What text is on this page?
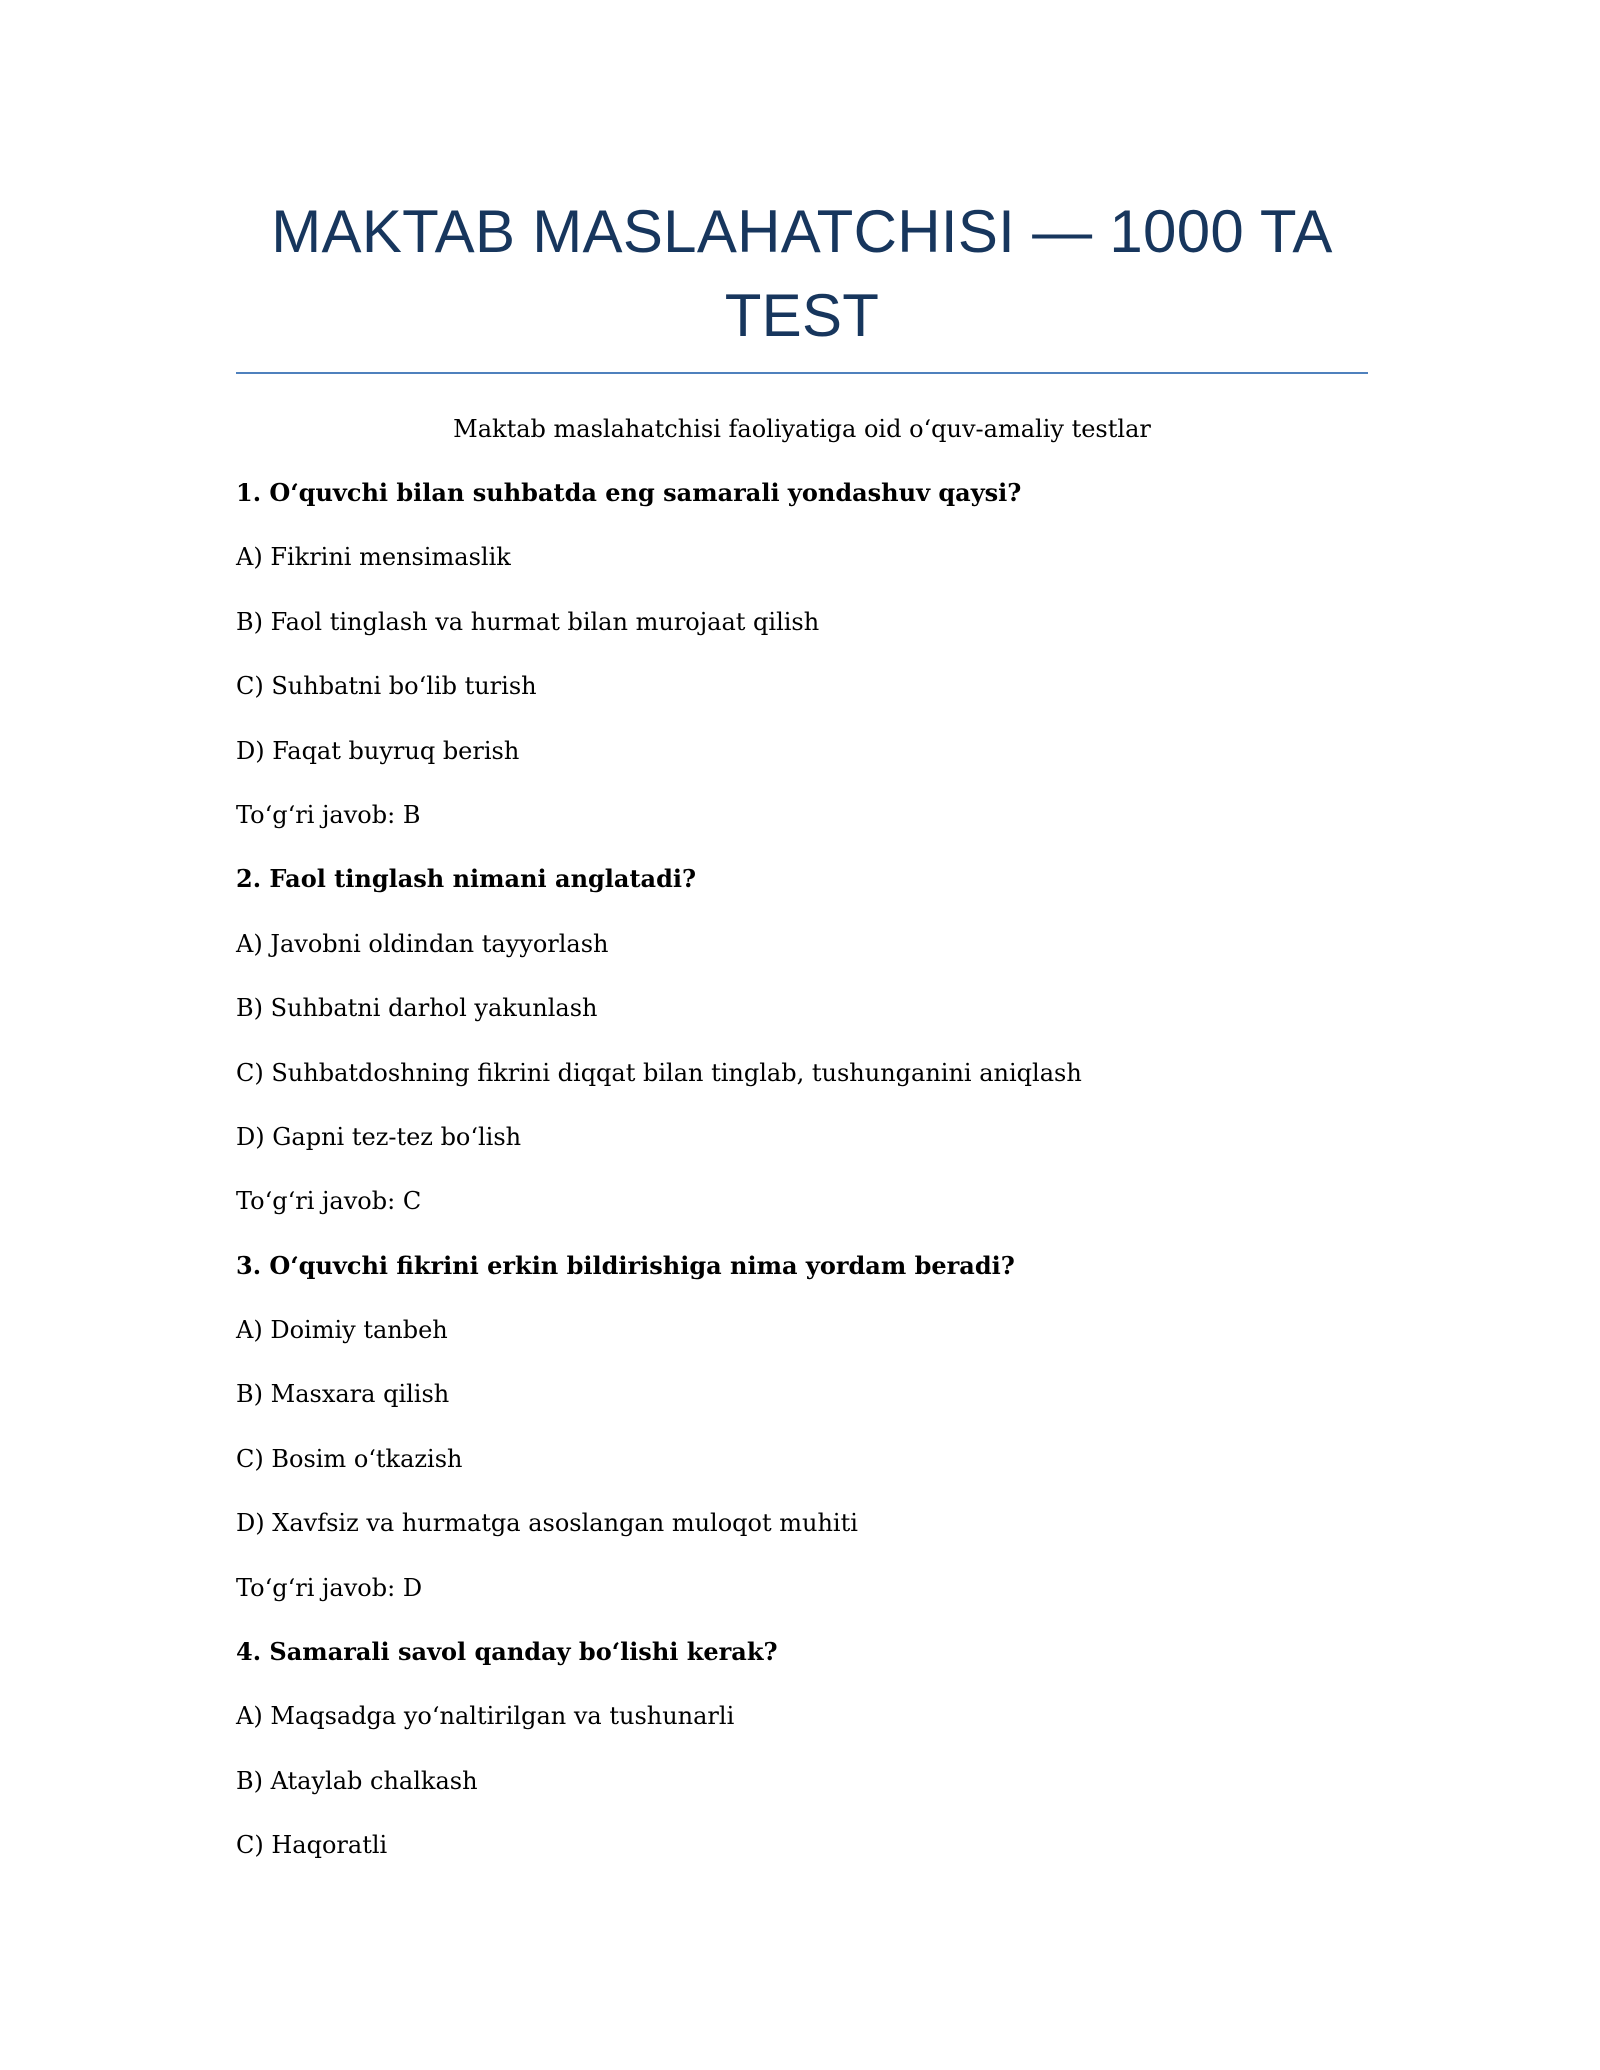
MAKTAB MASLAHATCHISI — 1000 TA TEST
Maktab maslahatchisi faoliyatiga oid o‘quv-amaliy testlar
1. O‘quvchi bilan suhbatda eng samarali yondashuv qaysi?
A) Fikrini mensimaslik
B) Faol tinglash va hurmat bilan murojaat qilish
C) Suhbatni bo‘lib turish
D) Faqat buyruq berish
To‘g‘ri javob: B
2. Faol tinglash nimani anglatadi?
A) Javobni oldindan tayyorlash
B) Suhbatni darhol yakunlash
C) Suhbatdoshning fikrini diqqat bilan tinglab, tushunganini aniqlash
D) Gapni tez-tez bo‘lish
To‘g‘ri javob: C
3. O‘quvchi fikrini erkin bildirishiga nima yordam beradi?
A) Doimiy tanbeh
B) Masxara qilish
C) Bosim o‘tkazish
D) Xavfsiz va hurmatga asoslangan muloqot muhiti
To‘g‘ri javob: D
4. Samarali savol qanday bo‘lishi kerak?
A) Maqsadga yo‘naltirilgan va tushunarli
B) Ataylab chalkash
C) Haqoratli
